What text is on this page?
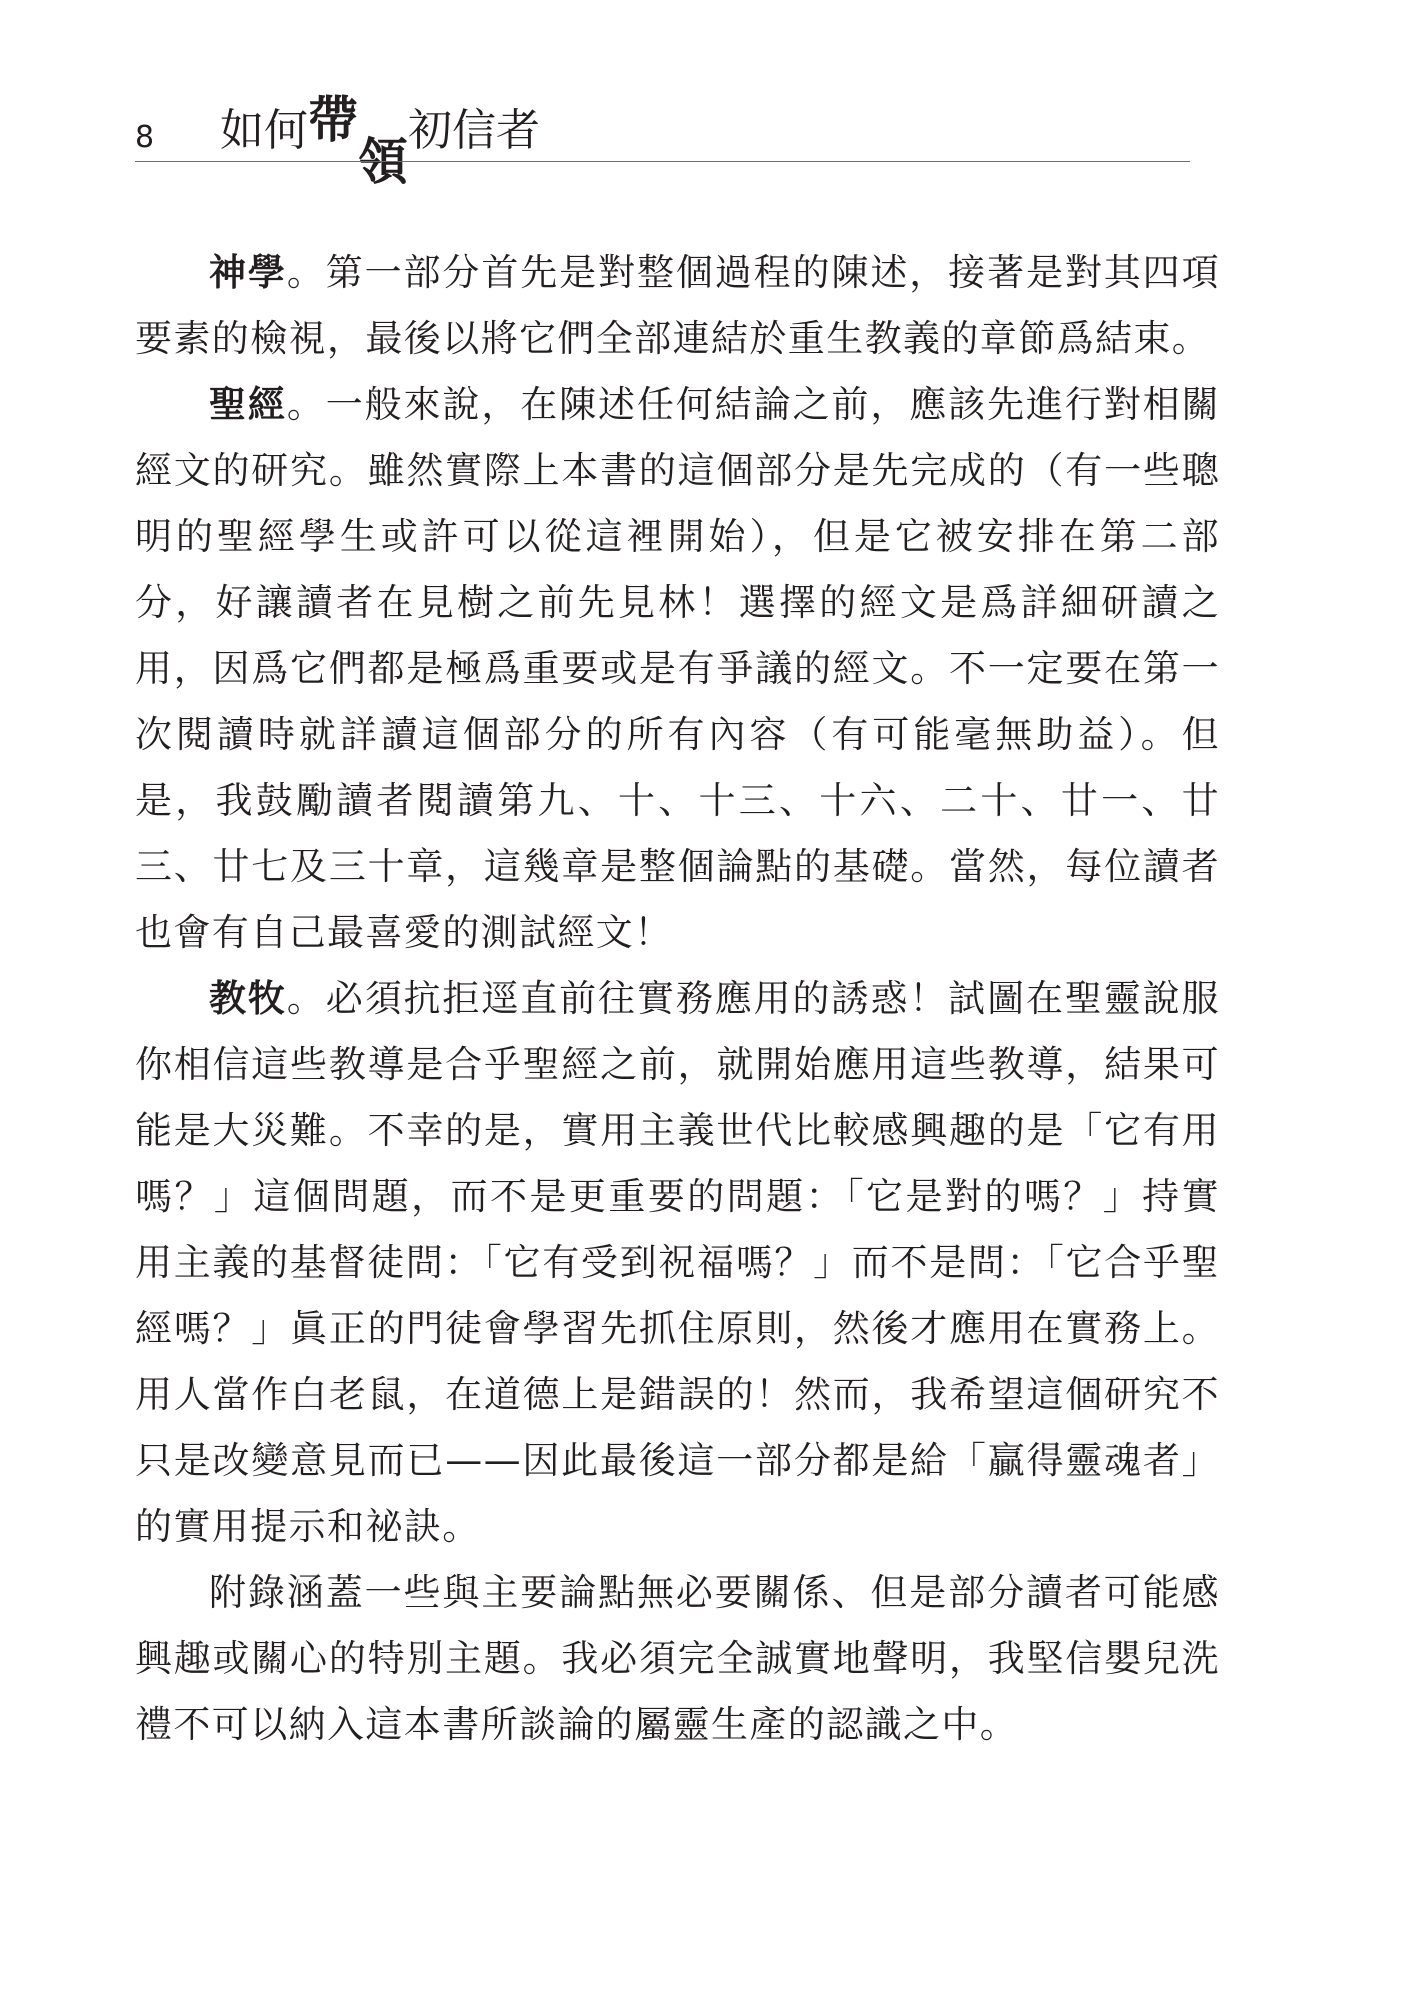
8 如何帶領初信者

神學。第一部分首先是對整個過程的陳述，接著是對其四項要素的檢視，最後以將它們全部連結於重生教義的章節爲結束。

聖經。一般來說，在陳述任何結論之前，應該先進行對相關經文的研究。雖然實際上本書的這個部分是先完成的（有一些聰明的聖經學生或許可以從這裡開始），但是它被安排在第二部分，好讓讀者在見樹之前先見林！選擇的經文是爲詳細研讀之用，因爲它們都是極爲重要或是有爭議的經文。不一定要在第一次閱讀時就詳讀這個部分的所有內容（有可能毫無助益）。但是，我鼓勵讀者閱讀第九、十、十三、十六、二十、廿一、廿三、廿七及三十章，這幾章是整個論點的基礎。當然，每位讀者也會有自己最喜愛的測試經文！

教牧。必須抗拒逕直前往實務應用的誘惑！試圖在聖靈說服你相信這些教導是合乎聖經之前，就開始應用這些教導，結果可能是大災難。不幸的是，實用主義世代比較感興趣的是「它有用嗎？」這個問題，而不是更重要的問題：「它是對的嗎？」持實用主義的基督徒問：「它有受到祝福嗎？」而不是問：「它合乎聖經嗎？」眞正的門徒會學習先抓住原則，然後才應用在實務上。用人當作白老鼠，在道德上是錯誤的！然而，我希望這個研究不只是改變意見而已——因此最後這一部分都是給「贏得靈魂者」的實用提示和祕訣。

附錄涵蓋一些與主要論點無必要關係、但是部分讀者可能感興趣或關心的特別主題。我必須完全誠實地聲明，我堅信嬰兒洗禮不可以納入這本書所談論的屬靈生產的認識之中。
